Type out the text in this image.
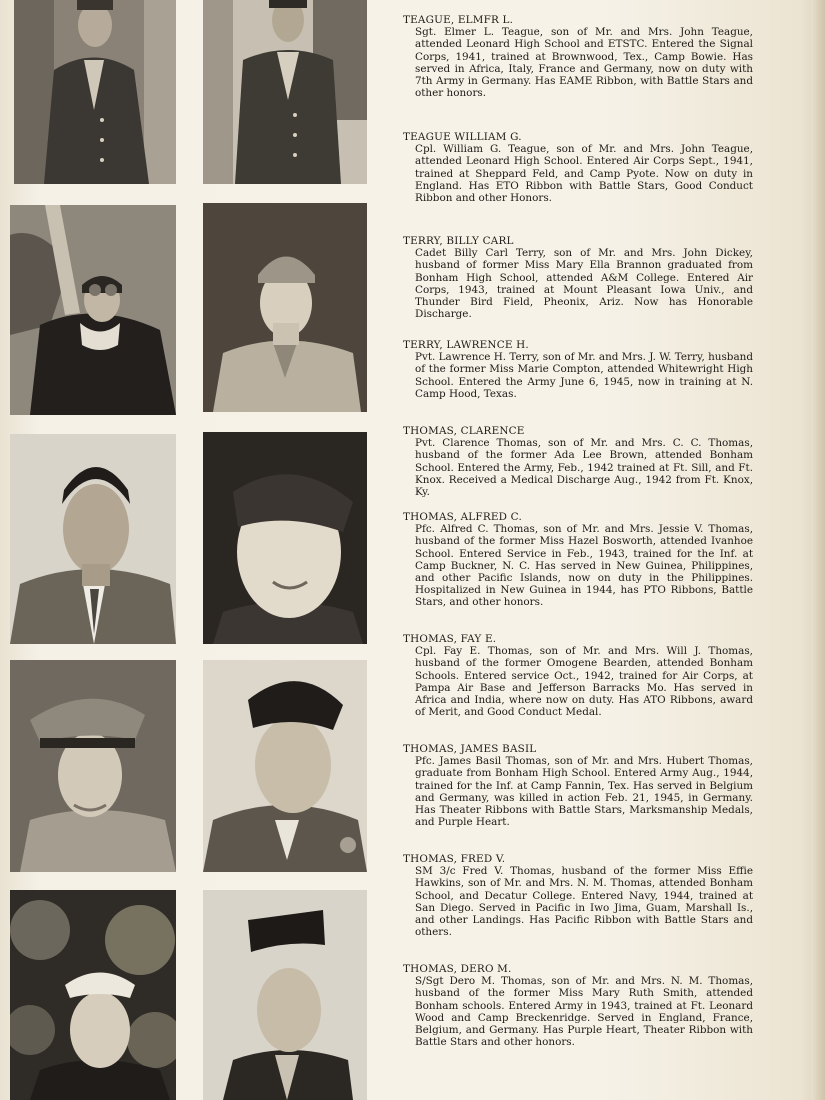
TEAGUE, ELMFR L.

Sgt. Elmer L. Teague, son of Mr. and Mrs. John Teague, attended Leonard High School and ETSTC. Entered the Signal Corps, 1941, trained at Brownwood, Tex., Camp Bowie. Has served in Africa, Italy, France and Germany, now on duty with 7th Army in Germany. Has EAME Ribbon, with Battle Stars and other honors.

TEAGUE WILLIAM G.

Cpl. William G. Teague, son of Mr. and Mrs. John Teague, attended Leonard High School. Entered Air Corps Sept., 1941, trained at Sheppard Feld, and Camp Pyote. Now on duty in England. Has ETO Ribbon with Battle Stars, Good Conduct Ribbon and other Honors.

TERRY, BILLY CARL

Cadet Billy Carl Terry, son of Mr. and Mrs. John Dickey, husband of former Miss Mary Ella Brannon graduated from Bonham High School, attended A&M College. Entered Air Corps, 1943, trained at Mount Pleasant Iowa Univ., and Thunder Bird Field, Pheonix, Ariz. Now has Honorable Discharge.

TERRY, LAWRENCE H.

Pvt. Lawrence H. Terry, son of Mr. and Mrs. J. W. Terry, husband of the former Miss Marie Compton, attended Whitewright High School. Entered the Army June 6, 1945, now in training at N. Camp Hood, Texas.

THOMAS, CLARENCE

Pvt. Clarence Thomas, son of Mr. and Mrs. C. C. Thomas, husband of the former Ada Lee Brown, attended Bonham School. Entered the Army, Feb., 1942 trained at Ft. Sill, and Ft. Knox. Received a Medical Discharge Aug., 1942 from Ft. Knox, Ky.

THOMAS, ALFRED C.

Pfc. Alfred C. Thomas, son of Mr. and Mrs. Jessie V. Thomas, husband of the former Miss Hazel Bosworth, attended Ivanhoe School. Entered Service in Feb., 1943, trained for the Inf. at Camp Buckner, N. C. Has served in New Guinea, Philippines, and other Pacific Islands, now on duty in the Philippines. Hospitalized in New Guinea in 1944, has PTO Ribbons, Battle Stars, and other honors.

THOMAS, FAY E.

Cpl. Fay E. Thomas, son of Mr. and Mrs. Will J. Thomas, husband of the former Omogene Bearden, attended Bonham Schools. Entered service Oct., 1942, trained for Air Corps, at Pampa Air Base and Jefferson Barracks Mo. Has served in Africa and India, where now on duty. Has ATO Ribbons, award of Merit, and Good Conduct Medal.

THOMAS, JAMES BASIL

Pfc. James Basil Thomas, son of Mr. and Mrs. Hubert Thomas, graduate from Bonham High School. Entered Army Aug., 1944, trained for the Inf. at Camp Fannin, Tex. Has served in Belgium and Germany, was killed in action Feb. 21, 1945, in Germany. Has Theater Ribbons with Battle Stars, Marksmanship Medals, and Purple Heart.

THOMAS, FRED V.

SM 3/c Fred V. Thomas, husband of the former Miss Effie Hawkins, son of Mr. and Mrs. N. M. Thomas, attended Bonham School, and Decatur College. Entered Navy, 1944, trained at San Diego. Served in Pacific in Iwo Jima, Guam, Marshall Is., and other Landings. Has Pacific Ribbon with Battle Stars and others.

THOMAS, DERO M.

S/Sgt Dero M. Thomas, son of Mr. and Mrs. N. M. Thomas, husband of the former Miss Mary Ruth Smith, attended Bonham schools. Entered Army in 1943, trained at Ft. Leonard Wood and Camp Breckenridge. Served in England, France, Belgium, and Germany. Has Purple Heart, Theater Ribbon with Battle Stars and other honors.
